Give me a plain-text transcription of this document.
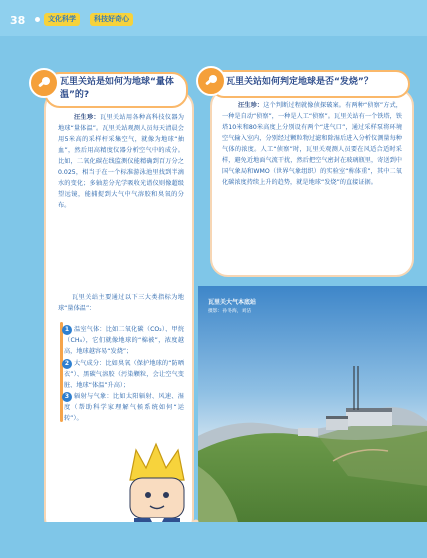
38	文化科学	科技好奇心
瓦里关站是如何为地球“量体温”的?
汪生珍：瓦里关站用各种高科技仪器为地球“量体温”。瓦里关站观测人员每天清晨会用5米高的采样杆采集空气，就像为地球“抽血”，然后用高精度仪器分析空气中的成分。比如，二氧化碳在线监测仪能精确到百万分之0.025，相当于在一个标准游泳池里找到半滴水的变化；多轴差分光学吸收光谱仪则像超级望远镜，能捕捉到大气中气溶胶和臭氧的分布。
瓦里关站主要通过以下三大类指标为地球“量体温”：
1 温室气体：比如二氧化碳（CO₂）、甲烷（CH₄），它们就像地球的“棉被”，浓度越高，地球越容易“发烧”；
2 大气成分：比如臭氧（保护地球的“防晒衣”）、黑碳气溶胶（污染颗粒，会让空气变脏、地球“体温”升高）；
3 辐射与气象：比如太阳辐射、风速、湿度（帮助科学家理解气候系统如何“运转”）。
瓦里关站如何判定地球是否“发烧”？
汪生珍：这个判断过程就像侦探破案。有两种“侦察”方式，一种是自动“侦察”，一种是人工“侦察”。瓦里关站有一个铁塔，铁塔10米和80米高度上分别设有两个“进气口”，通过采样泵将环境空气输入室内，分别经过颗粒物过滤和除湿后进入分析仪测量每种气体的浓度。人工“侦察”时，瓦里关观测人员要在风适合适时采样，避免近地面气流干扰，然后把空气密封在玻璃瓶里，寄送到中国气象局和WMO（世界气象组织）的实验室“称体重”，其中二氧化碳浓度持续上升的趋势，就是地球“发烧”的直接证据。
瓦里关大气本底站
摄影：孙冬海，刘洁
